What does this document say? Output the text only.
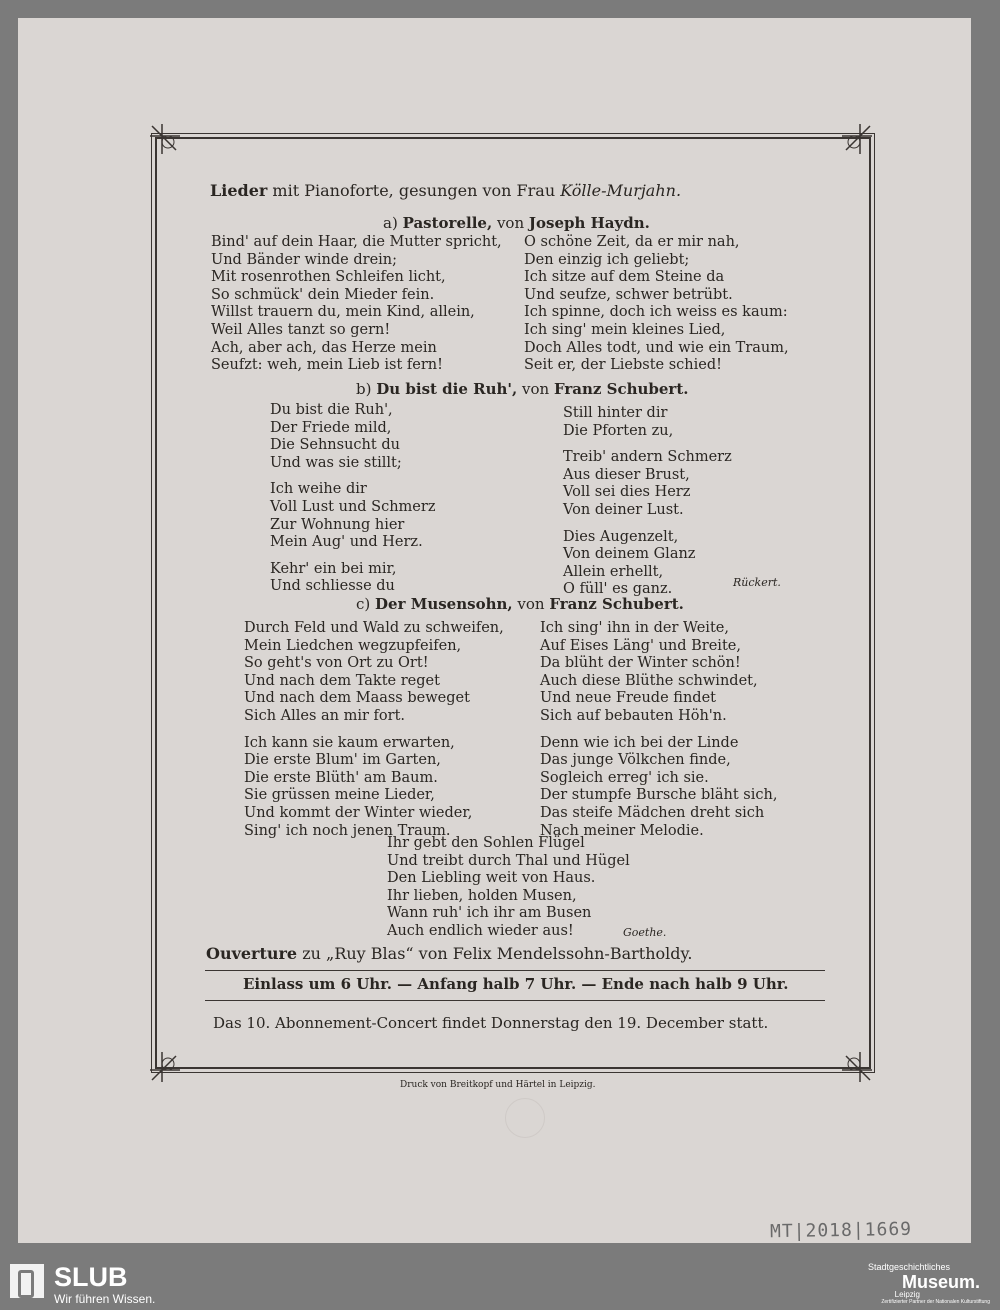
Lieder mit Pianoforte, gesungen von Frau Kölle-Murjahn.
a) Pastorelle, von Joseph Haydn.
Bind' auf dein Haar, die Mutter spricht,
Und Bänder winde drein;
Mit rosenrothen Schleifen licht,
So schmück' dein Mieder fein.
Willst trauern du, mein Kind, allein,
Weil Alles tanzt so gern!
Ach, aber ach, das Herze mein
Seufzt: weh, mein Lieb ist fern!
O schöne Zeit, da er mir nah,
Den einzig ich geliebt;
Ich sitze auf dem Steine da
Und seufze, schwer betrübt.
Ich spinne, doch ich weiss es kaum:
Ich sing' mein kleines Lied,
Doch Alles todt, und wie ein Traum,
Seit er, der Liebste schied!
b) Du bist die Ruh', von Franz Schubert.
Du bist die Ruh',
Der Friede mild,
Die Sehnsucht du
Und was sie stillt;
Ich weihe dir
Voll Lust und Schmerz
Zur Wohnung hier
Mein Aug' und Herz.
Kehr' ein bei mir,
Und schliesse du
Still hinter dir
Die Pforten zu,
Treib' andern Schmerz
Aus dieser Brust,
Voll sei dies Herz
Von deiner Lust.
Dies Augenzelt,
Von deinem Glanz
Allein erhellt,
O füll' es ganz.	Rückert.
c) Der Musensohn, von Franz Schubert.
Durch Feld und Wald zu schweifen,
Mein Liedchen wegzupfeifen,
So geht's von Ort zu Ort!
Und nach dem Takte reget
Und nach dem Maass beweget
Sich Alles an mir fort.
Ich kann sie kaum erwarten,
Die erste Blum' im Garten,
Die erste Blüth' am Baum.
Sie grüssen meine Lieder,
Und kommt der Winter wieder,
Sing' ich noch jenen Traum.
Ich sing' ihn in der Weite,
Auf Eises Läng' und Breite,
Da blüht der Winter schön!
Auch diese Blüthe schwindet,
Und neue Freude findet
Sich auf bebauten Höh'n.
Denn wie ich bei der Linde
Das junge Völkchen finde,
Sogleich erreg' ich sie.
Der stumpfe Bursche bläht sich,
Das steife Mädchen dreht sich
Nach meiner Melodie.
Ihr gebt den Sohlen Flügel
Und treibt durch Thal und Hügel
Den Liebling weit von Haus.
Ihr lieben, holden Musen,
Wann ruh' ich ihr am Busen
Auch endlich wieder aus!	Goethe.
Ouverture zu „Ruy Blas“ von Felix Mendelssohn-Bartholdy.
Einlass um 6 Uhr. — Anfang halb 7 Uhr. — Ende nach halb 9 Uhr.
Das 10. Abonnement-Concert findet Donnerstag den 19. December statt.
Druck von Breitkopf und Härtel in Leipzig.
MT|2018|1669
SLUB
Wir führen Wissen.
Stadtgeschichtliches
Museum.
Leipzig
Zertifizierter Partner der Nationalen Kulturstiftung
